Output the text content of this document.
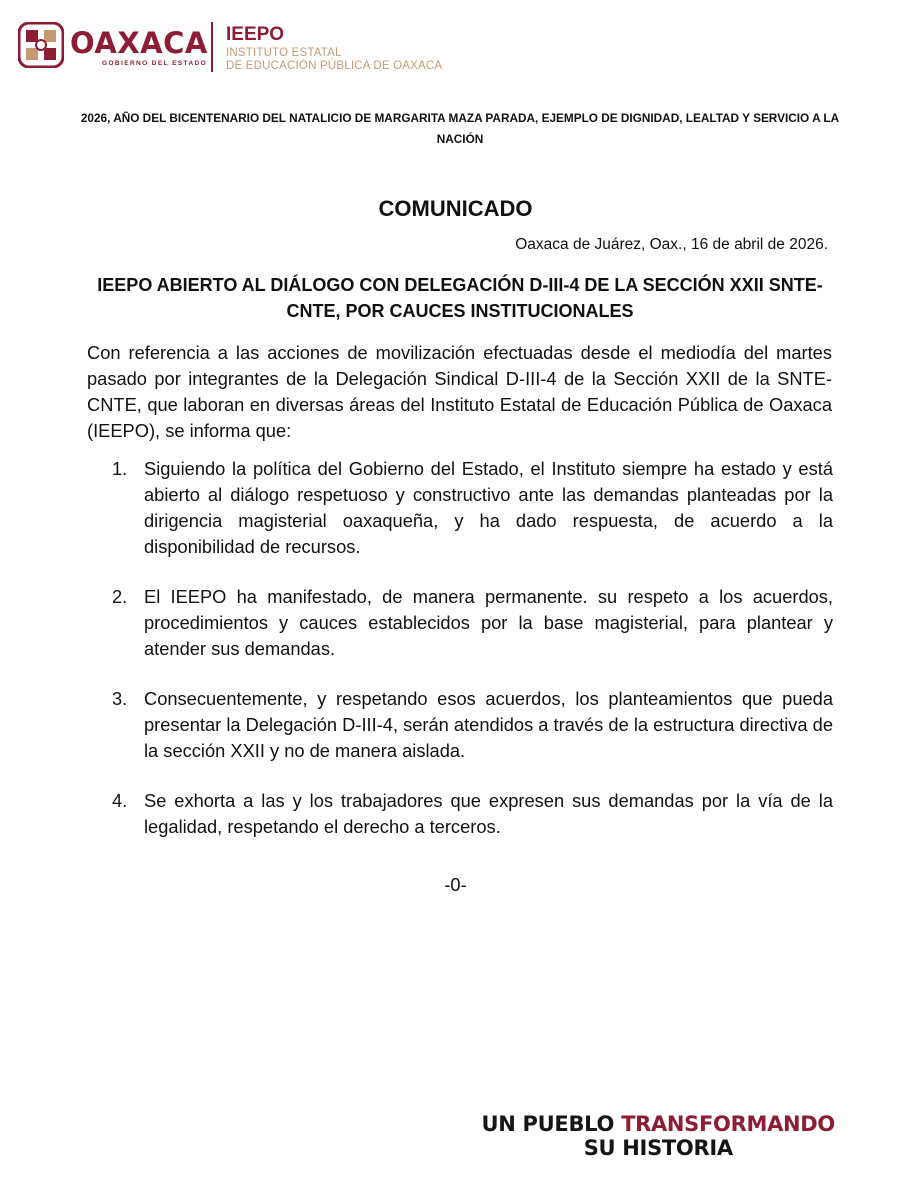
OAXACA
GOBIERNO DEL ESTADO
IEEPO
INSTITUTO ESTATAL
DE EDUCACIÓN PÚBLICA DE OAXACA
2026, AÑO DEL BICENTENARIO DEL NATALICIO DE MARGARITA MAZA PARADA, EJEMPLO DE DIGNIDAD, LEALTAD Y SERVICIO A LA NACIÓN
COMUNICADO
Oaxaca de Juárez, Oax., 16 de abril de 2026.
IEEPO ABIERTO AL DIÁLOGO CON DELEGACIÓN D-III-4 DE LA SECCIÓN XXII SNTE-CNTE, POR CAUCES INSTITUCIONALES
Con referencia a las acciones de movilización efectuadas desde el mediodía del martes pasado por integrantes de la Delegación Sindical D-III-4 de la Sección XXII de la SNTE-CNTE, que laboran en diversas áreas del Instituto Estatal de Educación Pública de Oaxaca (IEEPO), se informa que:
1. Siguiendo la política del Gobierno del Estado, el Instituto siempre ha estado y está abierto al diálogo respetuoso y constructivo ante las demandas planteadas por la dirigencia magisterial oaxaqueña, y ha dado respuesta, de acuerdo a la disponibilidad de recursos.
2. El IEEPO ha manifestado, de manera permanente. su respeto a los acuerdos, procedimientos y cauces establecidos por la base magisterial, para plantear y atender sus demandas.
3. Consecuentemente, y respetando esos acuerdos, los planteamientos que pueda presentar la Delegación D-III-4, serán atendidos a través de la estructura directiva de la sección XXII y no de manera aislada.
4. Se exhorta a las y los trabajadores que expresen sus demandas por la vía de la legalidad, respetando el derecho a terceros.
-0-
UN PUEBLO TRANSFORMANDO
SU HISTORIA
